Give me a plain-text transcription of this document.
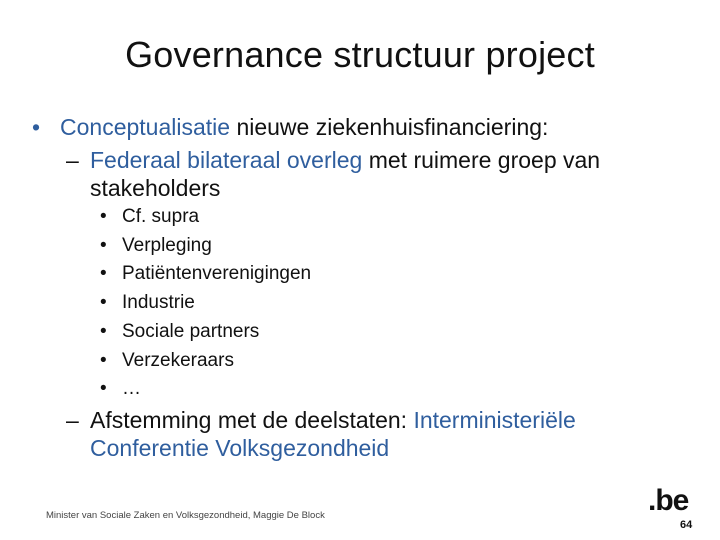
Governance structuur project
• Conceptualisatie nieuwe ziekenhuisfinanciering:
– Federaal bilateraal overleg met ruimere groep van
stakeholders
• Cf. supra
• Verpleging
• Patiëntenverenigingen
• Industrie
• Sociale partners
• Verzekeraars
• …
– Afstemming met de deelstaten: Interministeriële
Conferentie Volksgezondheid
Minister van Sociale Zaken en Volksgezondheid, Maggie De Block	.be
64
